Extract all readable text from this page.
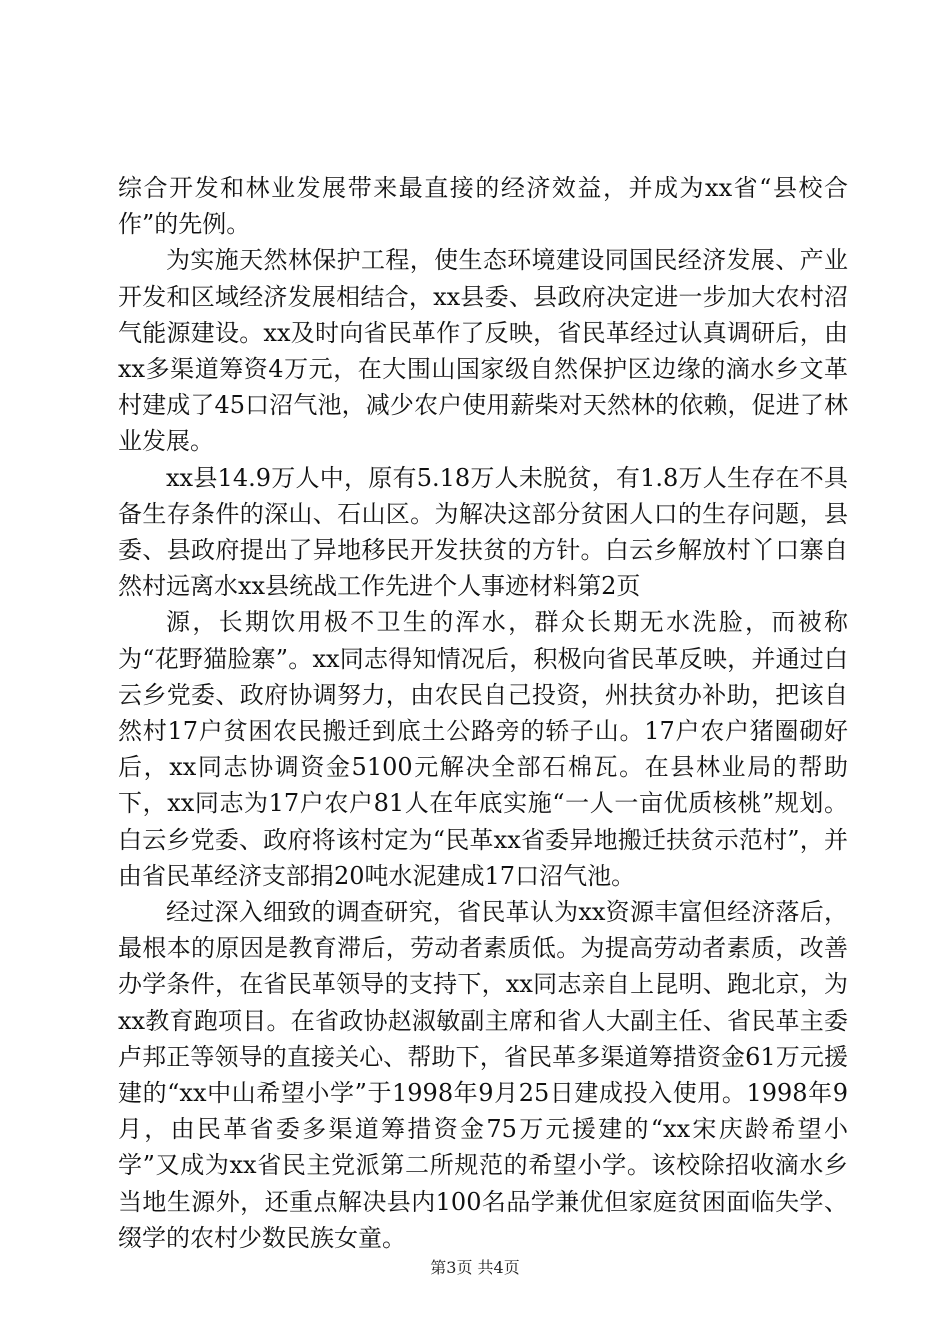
综合开发和林业发展带来最直接的经济效益，并成为xx省“县校合作”的先例。

为实施天然林保护工程，使生态环境建设同国民经济发展、产业开发和区域经济发展相结合，xx县委、县政府决定进一步加大农村沼气能源建设。xx及时向省民革作了反映，省民革经过认真调研后，由xx多渠道筹资4万元，在大围山国家级自然保护区边缘的滴水乡文革村建成了45口沼气池，减少农户使用薪柴对天然林的依赖，促进了林业发展。

xx县14.9万人中，原有5.18万人未脱贫，有1.8万人生存在不具备生存条件的深山、石山区。为解决这部分贫困人口的生存问题，县委、县政府提出了异地移民开发扶贫的方针。白云乡解放村丫口寨自然村远离水xx县统战工作先进个人事迹材料第2页

源，长期饮用极不卫生的浑水，群众长期无水洗脸，而被称为“花野猫脸寨”。xx同志得知情况后，积极向省民革反映，并通过白云乡党委、政府协调努力，由农民自己投资，州扶贫办补助，把该自然村17户贫困农民搬迁到底土公路旁的轿子山。17户农户猪圈砌好后，xx同志协调资金5100元解决全部石棉瓦。在县林业局的帮助下，xx同志为17户农户81人在年底实施“一人一亩优质核桃”规划。白云乡党委、政府将该村定为“民革xx省委异地搬迁扶贫示范村”，并由省民革经济支部捐20吨水泥建成17口沼气池。

经过深入细致的调查研究，省民革认为xx资源丰富但经济落后，最根本的原因是教育滞后，劳动者素质低。为提高劳动者素质，改善办学条件，在省民革领导的支持下，xx同志亲自上昆明、跑北京，为xx教育跑项目。在省政协赵淑敏副主席和省人大副主任、省民革主委卢邦正等领导的直接关心、帮助下，省民革多渠道筹措资金61万元援建的“xx中山希望小学”于1998年9月25日建成投入使用。1998年9月，由民革省委多渠道筹措资金75万元援建的“xx宋庆龄希望小学”又成为xx省民主党派第二所规范的希望小学。该校除招收滴水乡当地生源外，还重点解决县内100名品学兼优但家庭贫困面临失学、缀学的农村少数民族女童。

第3页 共4页
